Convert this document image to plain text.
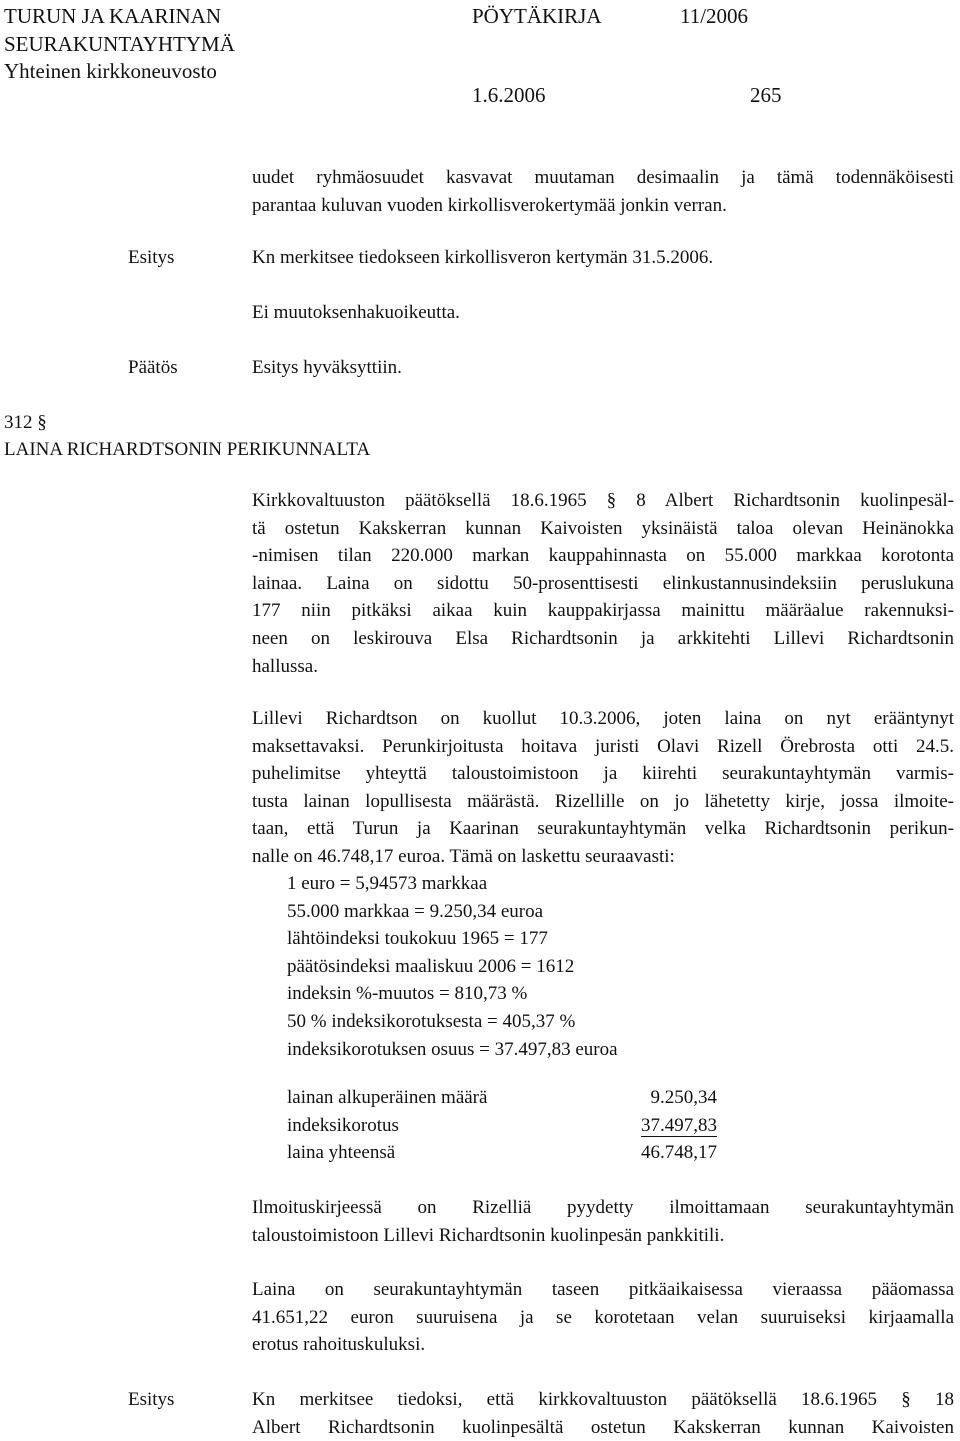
TURUN JA KAARINAN
SEURAKUNTAYHTYMÄ
Yhteinen kirkkoneuvosto
PÖYTÄKIRJA	11/2006
1.6.2006	265
uudet ryhmäosuudet kasvavat muutaman desimaalin ja tämä todennäköisesti
parantaa kuluvan vuoden kirkollisverokertymää jonkin verran.
Esitys	Kn merkitsee tiedokseen kirkollisveron kertymän 31.5.2006.
Ei muutoksenhakuoikeutta.
Päätös	Esitys hyväksyttiin.
312 §
LAINA RICHARDTSONIN PERIKUNNALTA
Kirkkovaltuuston päätöksellä 18.6.1965 § 8 Albert Richardtsonin kuolinpesäl-
tä ostetun Kakskerran kunnan Kaivoisten yksinäistä taloa olevan Heinänokka
-nimisen tilan 220.000 markan kauppahinnasta on 55.000 markkaa korotonta
lainaa. Laina on sidottu 50-prosenttisesti elinkustannusindeksiin peruslukuna
177 niin pitkäksi aikaa kuin kauppakirjassa mainittu määräalue rakennuksi-
neen on leskirouva Elsa Richardtsonin ja arkkitehti Lillevi Richardtsonin
hallussa.
Lillevi Richardtson on kuollut 10.3.2006, joten laina on nyt erääntynyt
maksettavaksi. Perunkirjoitusta hoitava juristi Olavi Rizell Örebrosta otti 24.5.
puhelimitse yhteyttä taloustoimistoon ja kiirehti seurakuntayhtymän varmis-
tusta lainan lopullisesta määrästä. Rizellille on jo lähetetty kirje, jossa ilmoite-
taan, että Turun ja Kaarinan seurakuntayhtymän velka Richardtsonin perikun-
nalle on 46.748,17 euroa. Tämä on laskettu seuraavasti:
1 euro = 5,94573 markkaa
55.000 markkaa = 9.250,34 euroa
lähtöindeksi toukokuu 1965 = 177
päätösindeksi maaliskuu 2006 = 1612
indeksin %-muutos = 810,73 %
50 % indeksikorotuksesta = 405,37 %
indeksikorotuksen osuus = 37.497,83 euroa
lainan alkuperäinen määrä	9.250,34
indeksikorotus	37.497,83
laina yhteensä	46.748,17
Ilmoituskirjeessä on Rizelliä pyydetty ilmoittamaan seurakuntayhtymän
taloustoimistoon Lillevi Richardtsonin kuolinpesän pankkitili.
Laina on seurakuntayhtymän taseen pitkäaikaisessa vieraassa pääomassa
41.651,22 euron suuruisena ja se korotetaan velan suuruiseksi kirjaamalla
erotus rahoituskuluksi.
Esitys	Kn merkitsee tiedoksi, että kirkkovaltuuston päätöksellä 18.6.1965 § 18
Albert Richardtsonin kuolinpesältä ostetun Kakskerran kunnan Kaivoisten
